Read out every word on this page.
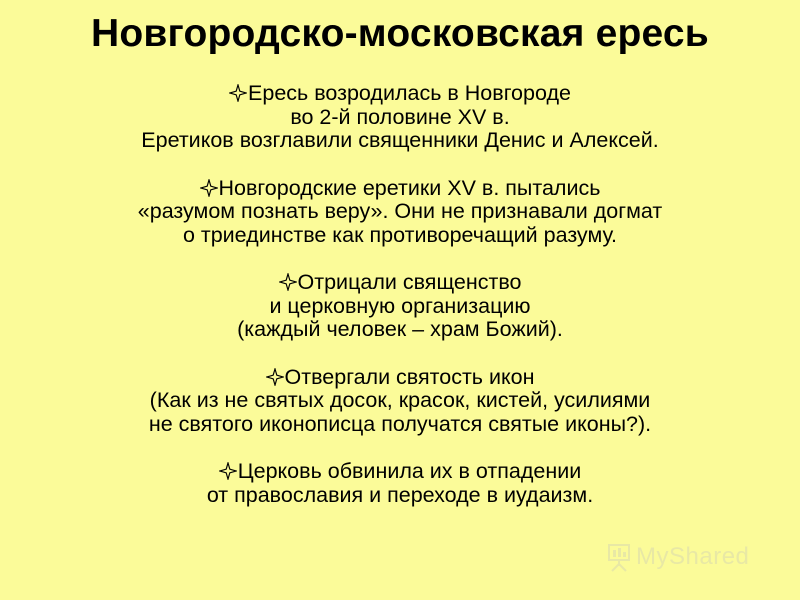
Новгородско-московская ересь
Ересь возродилась в Новгороде
во 2-й половине XV в.
Еретиков возглавили священники Денис и Алексей.
Новгородские еретики XV в. пытались
«разумом познать веру». Они не признавали догмат
о триединстве как противоречащий разуму.
Отрицали священство
и церковную организацию
(каждый человек – храм Божий).
Отвергали святость икон
(Как из не святых досок, красок, кистей, усилиями
не святого иконописца получатся святые иконы?).
Церковь обвинила их в отпадении
от православия и переходе в иудаизм.
MyShared
